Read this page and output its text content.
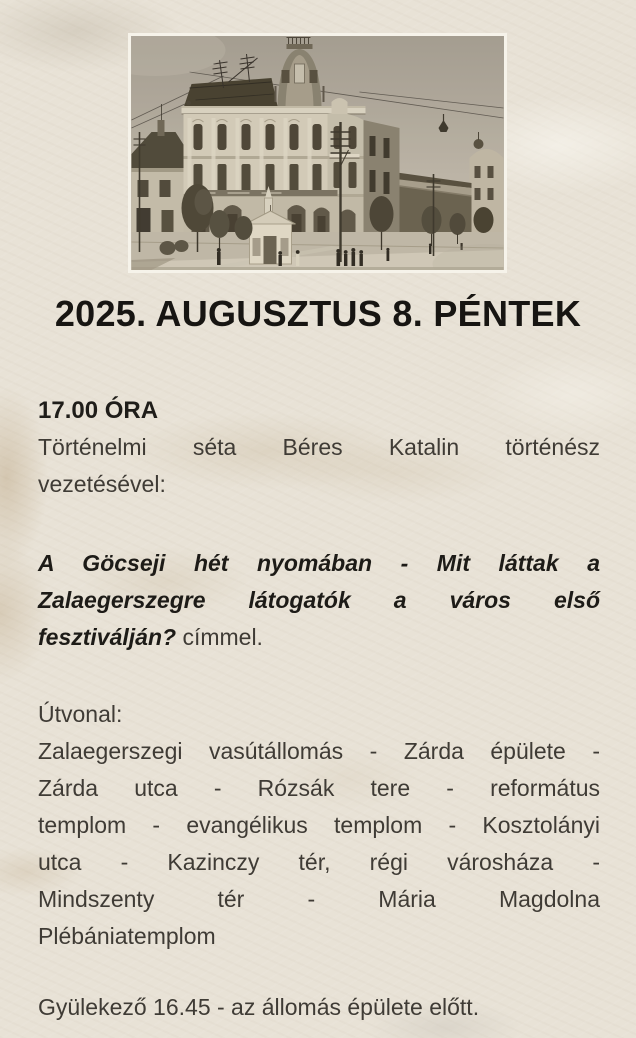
2025. AUGUSZTUS 8. PÉNTEK
17.00 ÓRA
Történelmi séta Béres Katalin történész
vezetésével:
A Göcseji hét nyomában - Mit láttak a
Zalaegerszegre látogatók a város első
fesztiválján? címmel.
Útvonal:
Zalaegerszegi vasútállomás - Zárda épülete -
Zárda utca - Rózsák tere - református
templom - evangélikus templom - Kosztolányi
utca - Kazinczy tér, régi városháza -
Mindszenty tér - Mária Magdolna
Plébániatemplom
Gyülekező 16.45 - az állomás épülete előtt.
